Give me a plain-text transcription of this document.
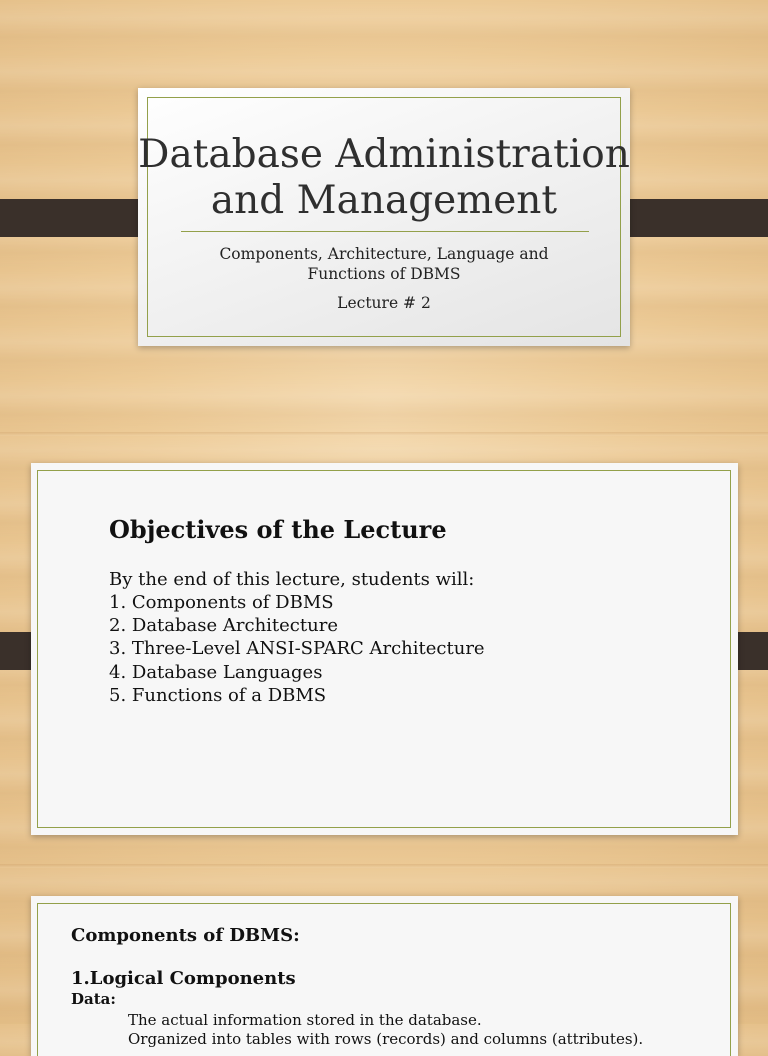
Database Administration
and Management
Components, Architecture, Language and
Functions of DBMS
Lecture # 2
Objectives of the Lecture
By the end of this lecture, students will:
1. Components of DBMS
2. Database Architecture
3. Three-Level ANSI-SPARC Architecture
4. Database Languages
5. Functions of a DBMS
Components of DBMS:
1.Logical Components
Data:
The actual information stored in the database.
Organized into tables with rows (records) and columns (attributes).
